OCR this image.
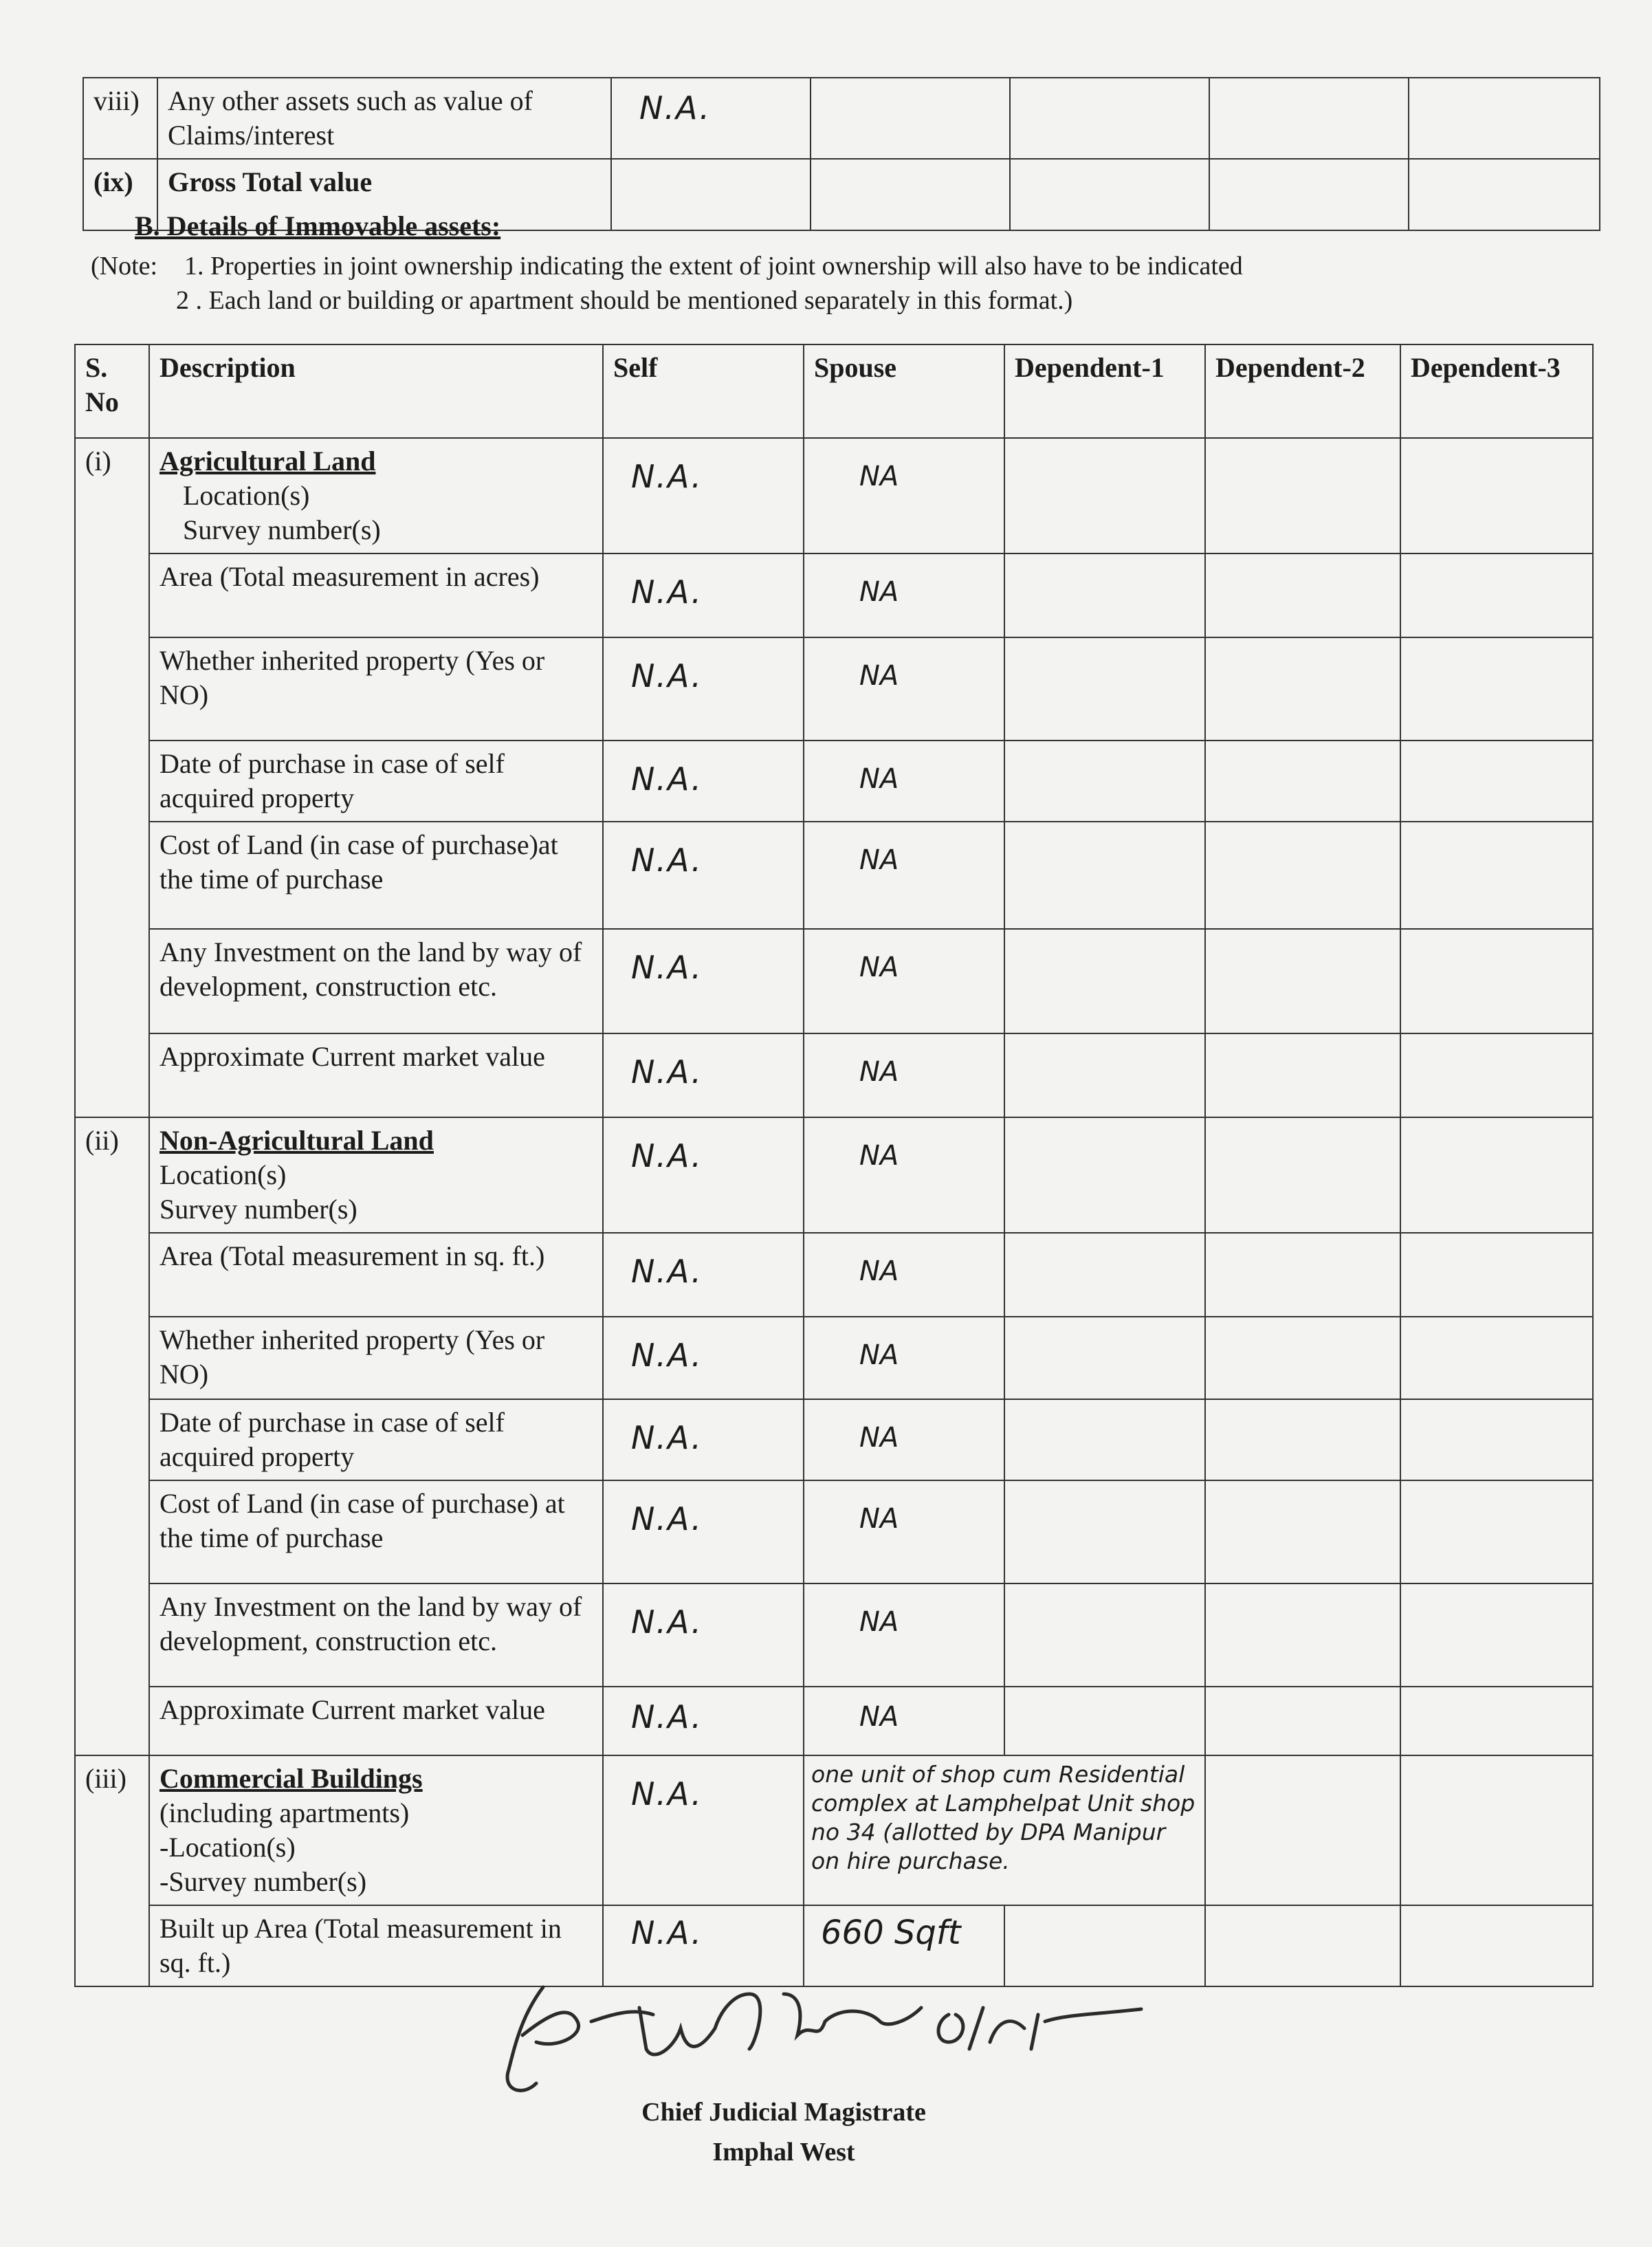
viii)	Any other assets such as value of Claims/interest	N.A.				
(ix)	Gross Total value					
B. Details of Immovable assets:
(Note: 1. Properties in joint ownership indicating the extent of joint ownership will also have to be indicated
2 . Each land or building or apartment should be mentioned separately in this format.)
S. No	Description	Self	Spouse	Dependent-1	Dependent-2	Dependent-3
(i)	Agricultural Land

Location(s)
Survey number(s)	N.A.	NA			
	Area (Total measurement in acres)	N.A.	NA			
	Whether inherited property (Yes or NO)	N.A.	NA			
	Date of purchase in case of self acquired property	N.A.	NA			
	Cost of Land (in case of purchase)at the time of purchase	N.A.	NA			
	Any Investment on the land by way of development, construction etc.	N.A.	NA			
	Approximate Current market value	N.A.	NA			
(ii)	Non-Agricultural Land
Location(s)
Survey number(s)	N.A.	NA			
	Area (Total measurement in sq. ft.)	N.A.	NA			
	Whether inherited property (Yes or NO)	N.A.	NA			
	Date of purchase in case of self acquired property	N.A.	NA			
	Cost of Land (in case of purchase) at the time of purchase	N.A.	NA			
	Any Investment on the land by way of development, construction etc.	N.A.	NA			
	Approximate Current market value	N.A.	NA			
(iii)	Commercial Buildings
(including apartments)
-Location(s)
-Survey number(s)	N.A.	one unit of shop cum Residential complex at Lamphelpat Unit shop no 34 (allotted by DPA Manipur on hire purchase.			
	Built up Area (Total measurement in sq. ft.)	N.A.	660 Sqft			
Chief Judicial Magistrate
Imphal West
